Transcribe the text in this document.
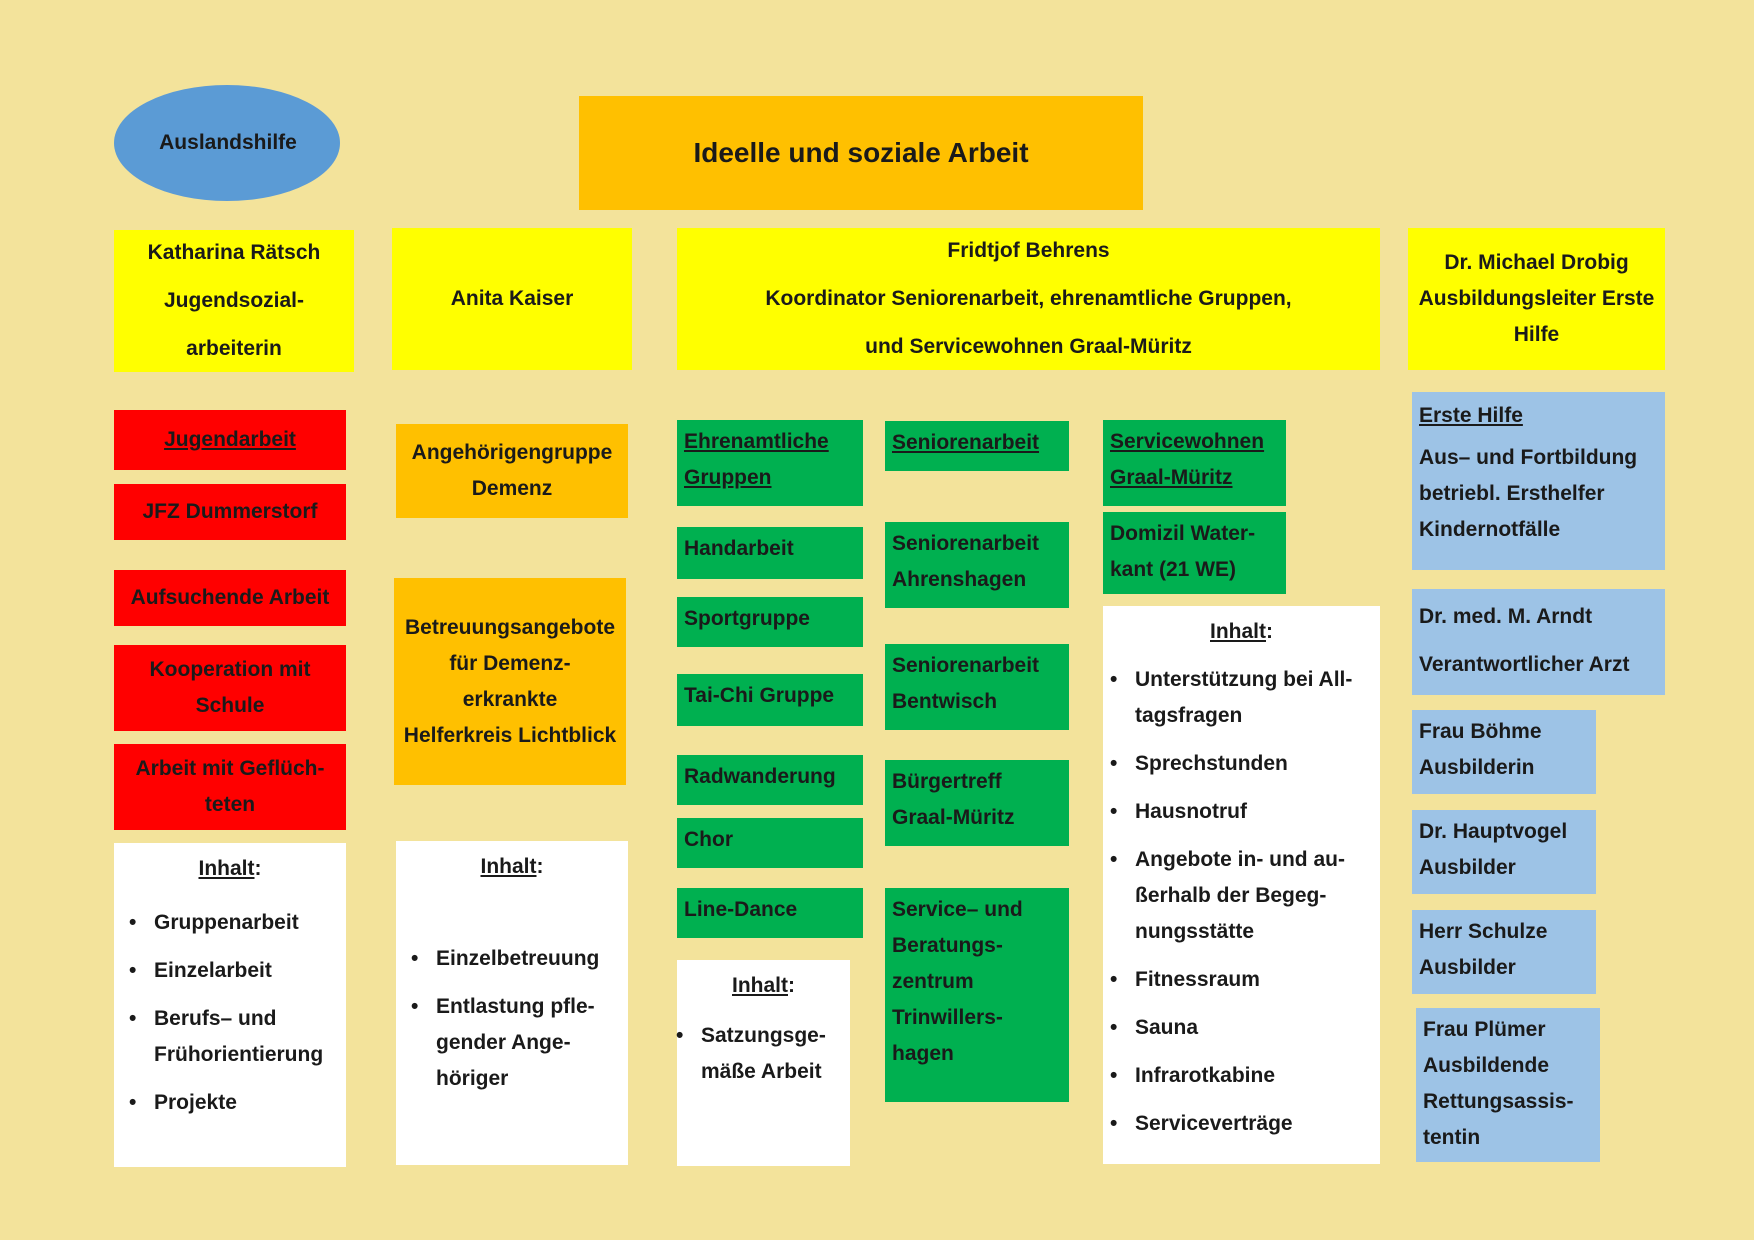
Auslandshilfe	Ideelle und soziale Arbeit
Katharina Rätsch
Jugendsozial-
arbeiterin
Anita Kaiser
Fridtjof Behrens
Koordinator Seniorenarbeit, ehrenamtliche Gruppen,
und Servicewohnen Graal-Müritz
Dr. Michael Drobig
Ausbildungsleiter Erste
Hilfe
Jugendarbeit
JFZ Dummerstorf
Aufsuchende Arbeit
Kooperation mit
Schule
Arbeit mit Geflüch-
teten
Inhalt:
• Gruppenarbeit
• Einzelarbeit
• Berufs– und
Frühorientierung
• Projekte
Angehörigengruppe
Demenz
Betreuungsangebote
für Demenz-
erkrankte
Helferkreis Lichtblick
Inhalt:
• Einzelbetreuung
• Entlastung pfle-
gender Ange-
höriger
Ehrenamtliche
Gruppen
Handarbeit
Sportgruppe
Tai-Chi Gruppe
Radwanderung
Chor
Line-Dance
Inhalt:
• Satzungsge-
mäße Arbeit
Seniorenarbeit
Seniorenarbeit
Ahrenshagen
Seniorenarbeit
Bentwisch
Bürgertreff
Graal-Müritz
Service– und
Beratungs-
zentrum
Trinwillers-
hagen
Servicewohnen
Graal-Müritz
Domizil Water-
kant (21 WE)
Inhalt:
• Unterstützung bei All-
tagsfragen
• Sprechstunden
• Hausnotruf
• Angebote in- und au-
ßerhalb der Begeg-
nungsstätte
• Fitnessraum
• Sauna
• Infrarotkabine
• Serviceverträge
Erste Hilfe
Aus– und Fortbildung
betriebl. Ersthelfer
Kindernotfälle
Dr. med. M. Arndt
Verantwortlicher Arzt
Frau Böhme
Ausbilderin
Dr. Hauptvogel
Ausbilder
Herr Schulze
Ausbilder
Frau Plümer
Ausbildende
Rettungsassis-
tentin
